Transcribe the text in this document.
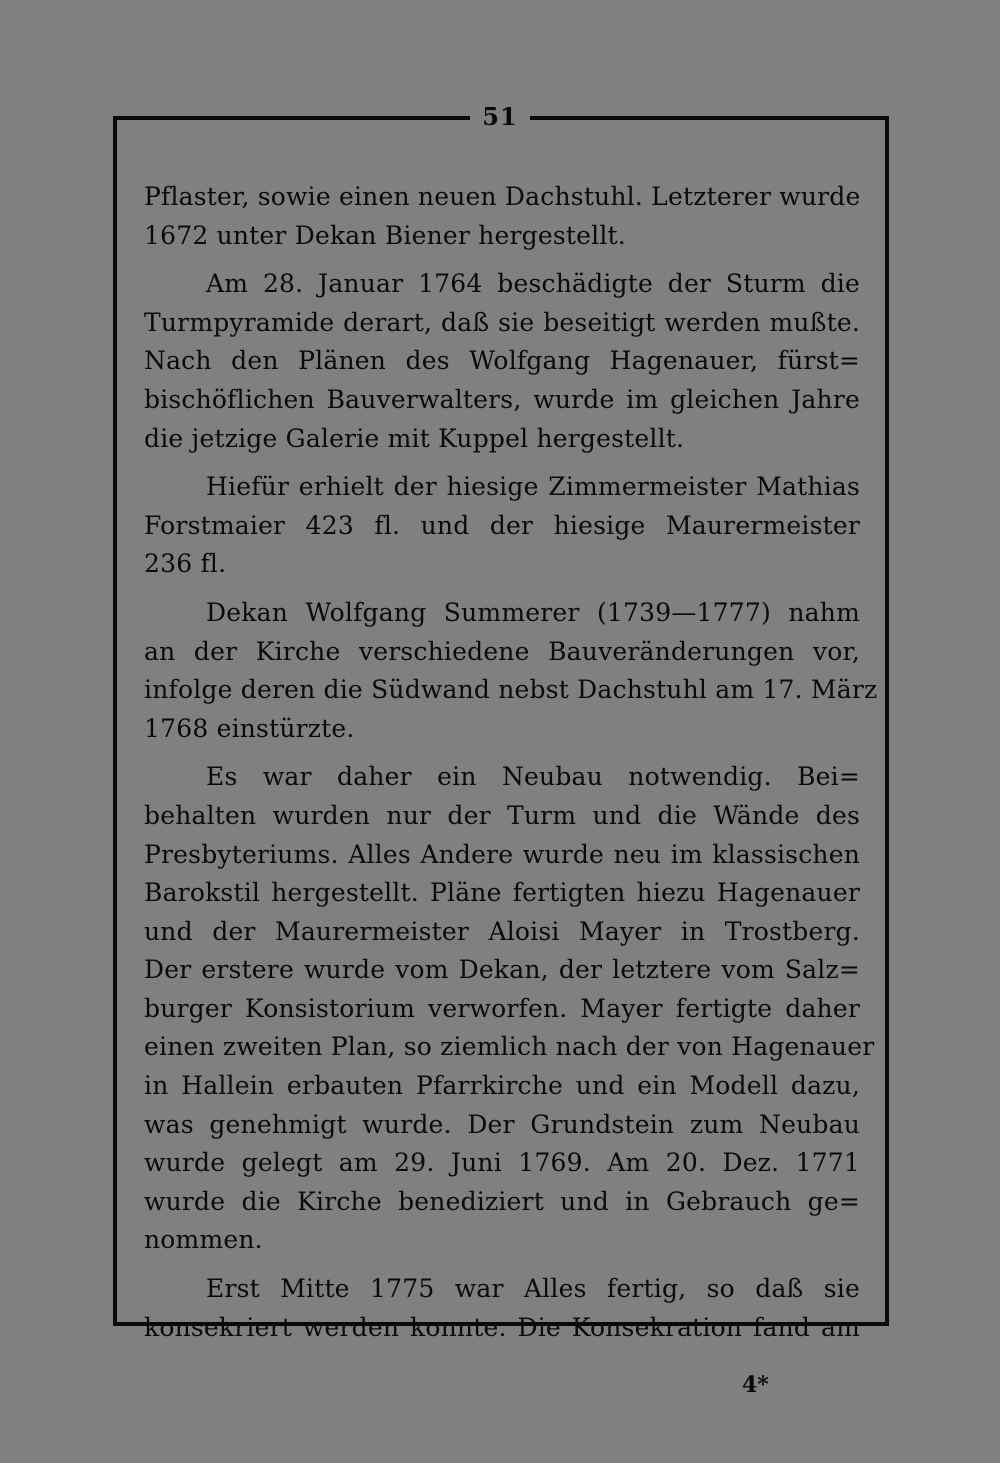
51
Pflaster, sowie einen neuen Dachstuhl. Letzterer wurde
1672 unter Dekan Biener hergestellt.
Am 28. Januar 1764 beschädigte der Sturm die
Turmpyramide derart, daß sie beseitigt werden mußte.
Nach den Plänen des Wolfgang Hagenauer, fürst=
bischöflichen Bauverwalters, wurde im gleichen Jahre
die jetzige Galerie mit Kuppel hergestellt.
Hiefür erhielt der hiesige Zimmermeister Mathias
Forstmaier 423 fl. und der hiesige Maurermeister
236 fl.
Dekan Wolfgang Summerer (1739—1777) nahm
an der Kirche verschiedene Bauveränderungen vor,
infolge deren die Südwand nebst Dachstuhl am 17. März
1768 einstürzte.
Es war daher ein Neubau notwendig. Bei=
behalten wurden nur der Turm und die Wände des
Presbyteriums. Alles Andere wurde neu im klassischen
Barokstil hergestellt. Pläne fertigten hiezu Hagenauer
und der Maurermeister Aloisi Mayer in Trostberg.
Der erstere wurde vom Dekan, der letztere vom Salz=
burger Konsistorium verworfen. Mayer fertigte daher
einen zweiten Plan, so ziemlich nach der von Hagenauer
in Hallein erbauten Pfarrkirche und ein Modell dazu,
was genehmigt wurde. Der Grundstein zum Neubau
wurde gelegt am 29. Juni 1769. Am 20. Dez. 1771
wurde die Kirche benediziert und in Gebrauch ge=
nommen.
Erst Mitte 1775 war Alles fertig, so daß sie
konsekriert werden konnte. Die Konsekration fand am
4*
